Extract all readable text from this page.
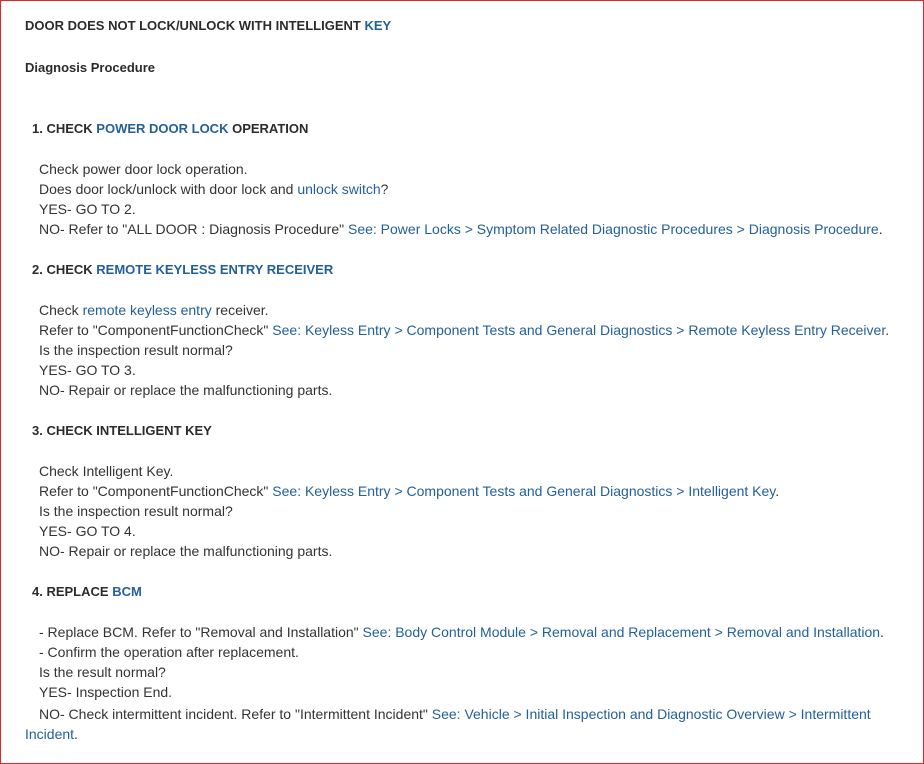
DOOR DOES NOT LOCK/UNLOCK WITH INTELLIGENT KEY
Diagnosis Procedure
1. CHECK POWER DOOR LOCK OPERATION
Check power door lock operation.
Does door lock/unlock with door lock and unlock switch?
YES- GO TO 2.
NO- Refer to "ALL DOOR : Diagnosis Procedure" See: Power Locks > Symptom Related Diagnostic Procedures > Diagnosis Procedure.
2. CHECK REMOTE KEYLESS ENTRY RECEIVER
Check remote keyless entry receiver.
Refer to "ComponentFunctionCheck" See: Keyless Entry > Component Tests and General Diagnostics > Remote Keyless Entry Receiver.
Is the inspection result normal?
YES- GO TO 3.
NO- Repair or replace the malfunctioning parts.
3. CHECK INTELLIGENT KEY
Check Intelligent Key.
Refer to "ComponentFunctionCheck" See: Keyless Entry > Component Tests and General Diagnostics > Intelligent Key.
Is the inspection result normal?
YES- GO TO 4.
NO- Repair or replace the malfunctioning parts.
4. REPLACE BCM
- Replace BCM. Refer to "Removal and Installation" See: Body Control Module > Removal and Replacement > Removal and Installation.
- Confirm the operation after replacement.
Is the result normal?
YES- Inspection End.
NO- Check intermittent incident. Refer to "Intermittent Incident" See: Vehicle > Initial Inspection and Diagnostic Overview > Intermittent Incident.
